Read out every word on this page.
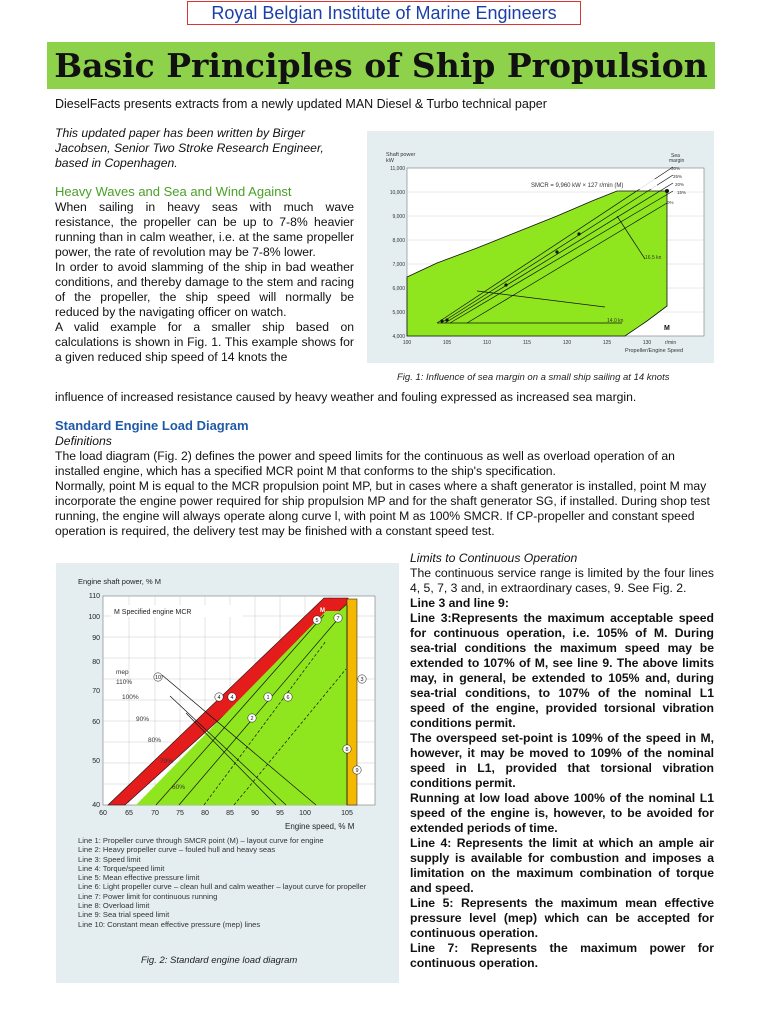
Royal Belgian Institute of Marine Engineers
Basic Principles of Ship Propulsion
DieselFacts presents extracts from a newly updated MAN Diesel & Turbo technical paper
This updated paper has been written by Birger
Jacobsen, Senior Two Stroke Research Engineer,
based in Copenhagen.
Heavy Waves and Sea and Wind Against
When sailing in heavy seas with much wave resistance, the propeller can be up to 7-8% heavier running than in calm weather, i.e. at the same propeller power, the rate of revolution may be 7-8% lower.
In order to avoid slamming of the ship in bad weather conditions, and thereby damage to the stem and racing of the propeller, the ship speed will normally be reduced by the navigating officer on watch.
A valid example for a smaller ship based on calculations is shown in Fig. 1. This example shows for a given reduced ship speed of 14 knots the
influence of increased resistance caused by heavy weather and fouling expressed as increased sea margin.
Shaft power
kW
SMCR = 9,960 kW × 127 r/min (M)
Sea
margin
30%
25%
20%
15%
0%
M
16.5 kn
14.0 kn
11,000
10,000
9,000
8,000
7,000
6,000
5,000
4,000
100	105	110	115	120	125	130	r/min
Propeller/Engine Speed
Fig. 1: Influence of sea margin on a small ship sailing at 14 knots
Standard Engine Load Diagram
Definitions
The load diagram (Fig. 2) defines the power and speed limits for the continuous as well as overload operation of an installed engine, which has a specified MCR point M that conforms to the ship's specification.
Normally, point M is equal to the MCR propulsion point MP, but in cases where a shaft generator is installed, point M may incorporate the engine power required for ship propulsion MP and for the shaft generator SG, if installed. During shop test running, the engine will always operate along curve l, with point M as 100% SMCR. If CP-propeller and constant speed operation is required, the delivery test may be finished with a constant speed test.
Engine shaft power, % M
mep
110%
100%
90%
80%
70%
60%
M Specified engine MCR	M
10
4 4	1	6
5	7
2
8
9
3
110
100
90
80
70
60
50
40
60	65	70 75 80 85 90 95 100	105
Engine speed, % M
Line 1: Propeller curve through SMCR point (M) – layout curve for engine
Line 2: Heavy propeller curve – fouled hull and heavy seas
Line 3: Speed limit
Line 4: Torque/speed limit
Line 5: Mean effective pressure limit
Line 6: Light propeller curve – clean hull and calm weather – layout curve for propeller
Line 7: Power limit for continuous running
Line 8: Overload limit
Line 9: Sea trial speed limit
Line 10: Constant mean effective pressure (mep) lines
Fig. 2: Standard engine load diagram
Limits to Continuous Operation
The continuous service range is limited by the four lines 4, 5, 7, 3 and, in extraordinary cases, 9. See Fig. 2.
Line 3 and line 9:
Line 3:Represents the maximum acceptable speed for continuous operation, i.e. 105% of M. During sea-trial conditions the maximum speed may be extended to 107% of M, see line 9. The above limits may, in general, be extended to 105% and, during sea-trial conditions, to 107% of the nominal L1 speed of the engine, provided torsional vibration conditions permit.
The overspeed set-point is 109% of the speed in M, however, it may be moved to 109% of the nominal speed in L1, provided that torsional vibration conditions permit.
Running at low load above 100% of the nominal L1 speed of the engine is, however, to be avoided for extended periods of time.
Line 4: Represents the limit at which an ample air supply is available for combustion and imposes a limitation on the maximum combination of torque and speed.
Line 5: Represents the maximum mean effective pressure level (mep) which can be accepted for continuous operation.
Line 7: Represents the maximum power for continuous operation.
